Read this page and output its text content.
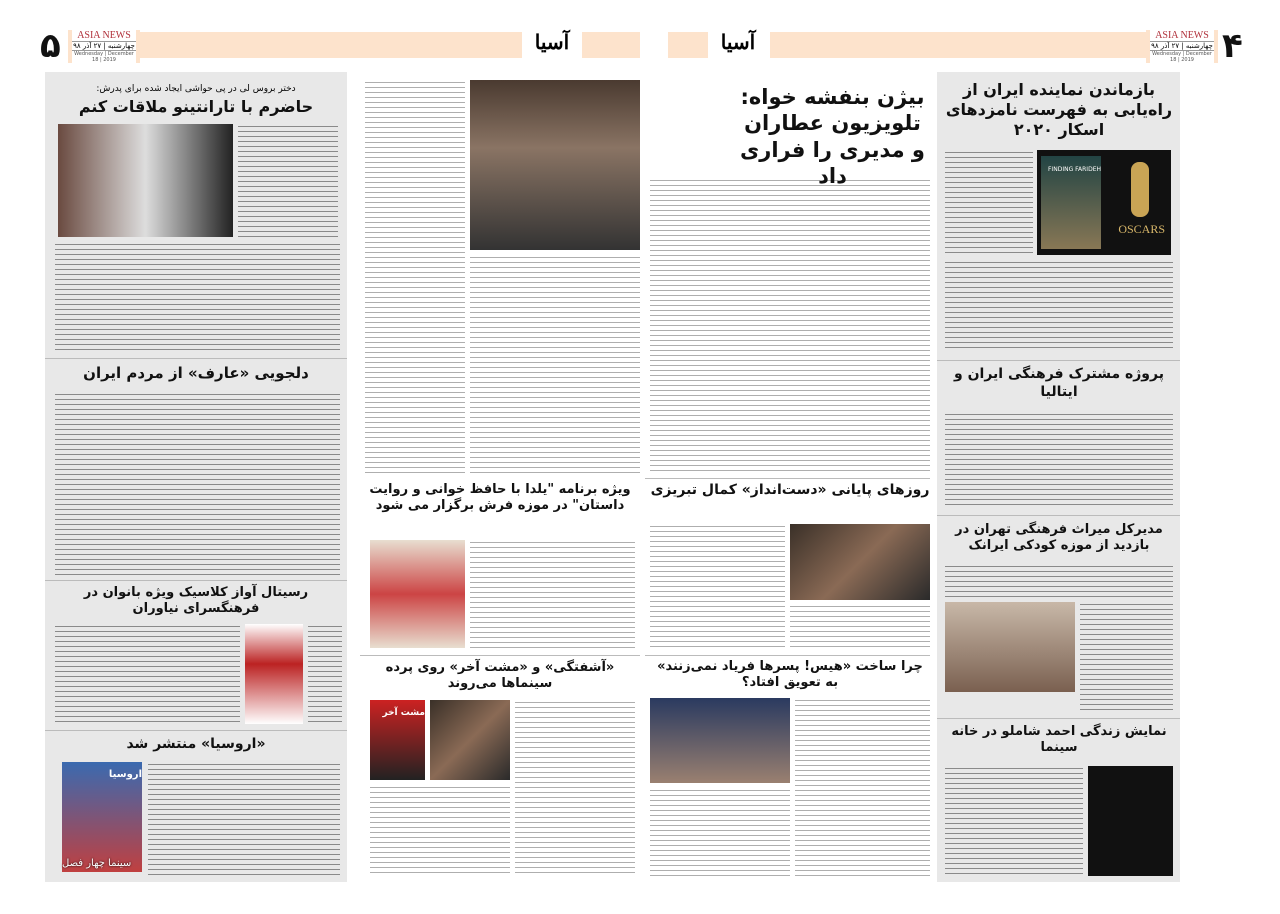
۵	ASIA NEWS
چهارشنبه | ۲۷ آذر ۹۸
Wednesday | December 18 | 2019
آسیا	آسیا	ASIA NEWS
چهارشنبه | ۲۷ آذر ۹۸
Wednesday | December 18 | 2019 ۴
FINDING FARIDEH
OSCARS
بازماندن نماینده ایران از راه‌یابی به فهرست نامزدهای اسکار ۲۰۲۰
پروژه مشترک فرهنگی ایران و ایتالیا
مدیرکل میراث فرهنگی تهران در بازدید از موزه کودکی ایرانک
نمایش زندگی احمد شاملو در خانه سینما
بیژن بنفشه خواه: تلویزیون عطاران و مدیری را فراری داد
روزهای پایانی «دست‌انداز» کمال تبریزی
چرا ساخت «هیس! پسرها فریاد نمی‌زنند» به تعویق افتاد؟
ویژه برنامه "یلدا با حافظ خوانی و روایت داستان" در موزه فرش برگزار می شود
مشت آخر
«آشفتگی» و «مشت آخر» روی پرده سینماها می‌روند
دختر بروس لی در پی حواشی ایجاد شده برای پدرش:
حاضرم با تارانتینو ملاقات کنم
دلجویی «عارف» از مردم ایران
رسیتال آواز کلاسیک ویژه بانوان در فرهنگسرای نیاوران
اروسیا
«اروسیا» منتشر شد
سینما چهار فصل
